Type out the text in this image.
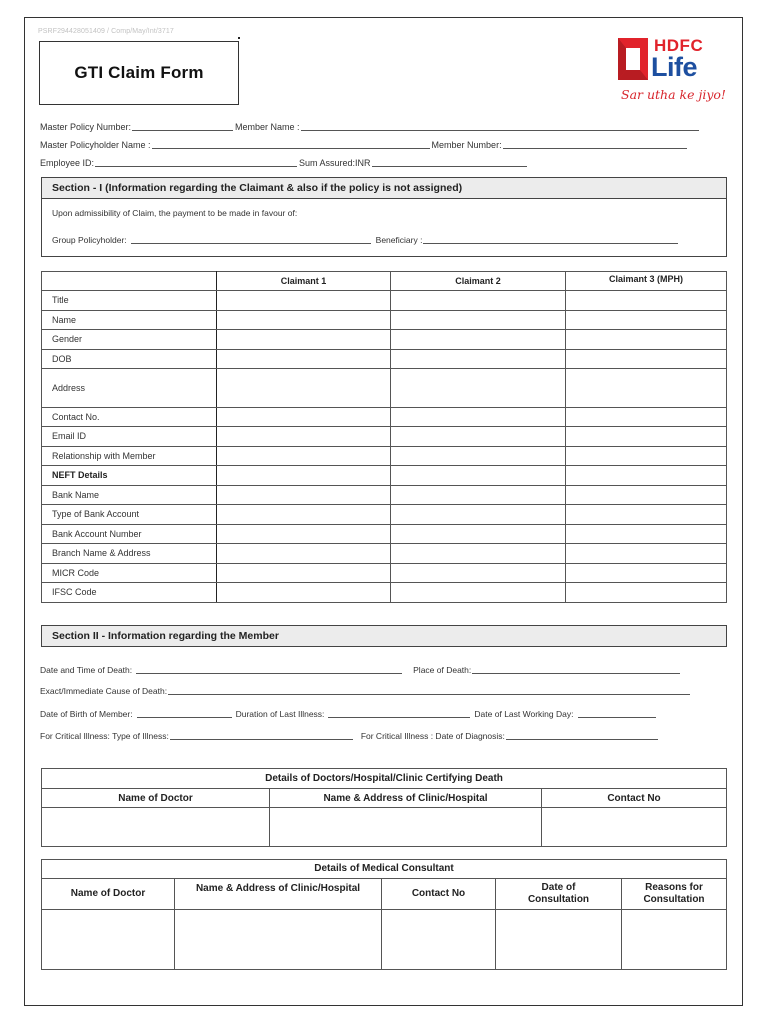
PSRF294428051409 / Comp/May/Int/3717
GTI Claim Form
HDFC
Life
Sar utha ke jiyo!
Master Policy Number:	Member Name :
Master Policyholder Name :	Member Number:
Employee ID:	Sum Assured:INR
Section - I (Information regarding the Claimant & also if the policy is not assigned)
Upon admissibility of Claim, the payment to be made in favour of:
Group Policyholder:	Beneficiary :
	Claimant 1	Claimant 2	Claimant 3 (MPH)
Title			
Name			
Gender			
DOB			
Address			
Contact No.			
Email ID			
Relationship with Member			
NEFT Details			
Bank Name			
Type of Bank Account			
Bank Account Number			
Branch Name & Address			
MICR Code			
IFSC Code			
Section II - Information regarding the Member
Date and Time of Death:	Place of Death:
Exact/Immediate Cause of Death:
Date of Birth of Member:	Duration of Last Illness:	Date of Last Working Day:
For Critical Illness: Type of Illness:	For Critical Illness : Date of Diagnosis:
Details of Doctors/Hospital/Clinic Certifying Death		
Name of Doctor	Name & Address of Clinic/Hospital	Contact No

Details of Medical Consultant				
Name of Doctor	Name & Address of Clinic/Hospital	Contact No	Date of Consultation	Reasons for Consultation
